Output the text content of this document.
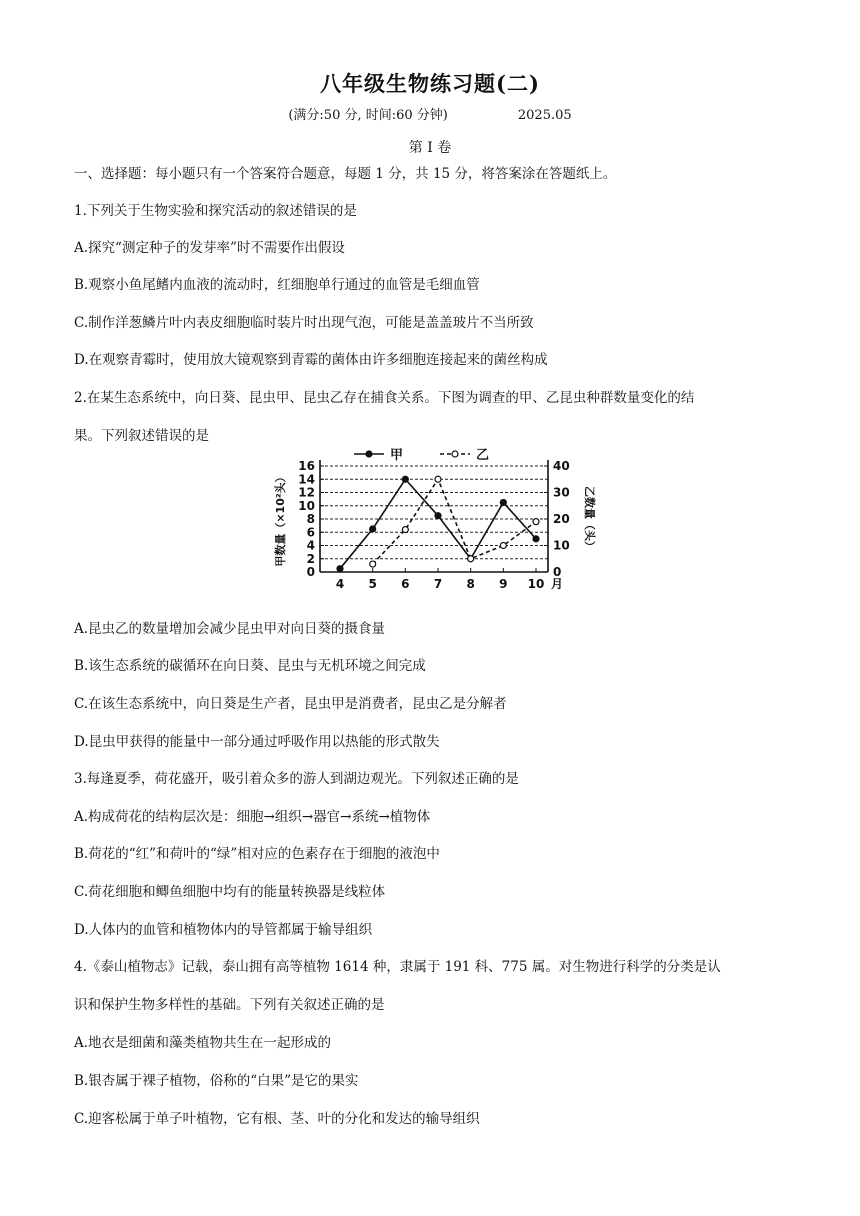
八年级生物练习题(二)
(满分:50 分, 时间:60 分钟)	2025.05
第 I 卷
一、选择题：每小题只有一个答案符合题意，每题 1 分，共 15 分，将答案涂在答题纸上。
1.下列关于生物实验和探究活动的叙述错误的是
A.探究“测定种子的发芽率”时不需要作出假设
B.观察小鱼尾鳍内血液的流动时，红细胞单行通过的血管是毛细血管
C.制作洋葱鳞片叶内表皮细胞临时装片时出现气泡，可能是盖盖玻片不当所致
D.在观察青霉时，使用放大镜观察到青霉的菌体由许多细胞连接起来的菌丝构成
2.在某生态系统中，向日葵、昆虫甲、昆虫乙存在捕食关系。下图为调查的甲、乙昆虫种群数量变化的结
果。下列叙述错误的是
0
2
4
6
8
10
12
14
16
0
10
20
30
40
4 5 6 7 8 9 10 月
甲	乙
甲数量（×10²头）	乙数量（头）
A.昆虫乙的数量增加会减少昆虫甲对向日葵的摄食量
B.该生态系统的碳循环在向日葵、昆虫与无机环境之间完成
C.在该生态系统中，向日葵是生产者，昆虫甲是消费者，昆虫乙是分解者
D.昆虫甲获得的能量中一部分通过呼吸作用以热能的形式散失
3.每逢夏季，荷花盛开，吸引着众多的游人到湖边观光。下列叙述正确的是
A.构成荷花的结构层次是：细胞→组织→器官→系统→植物体
B.荷花的“红”和荷叶的“绿”相对应的色素存在于细胞的液泡中
C.荷花细胞和鲫鱼细胞中均有的能量转换器是线粒体
D.人体内的血管和植物体内的导管都属于输导组织
4.《泰山植物志》记载，泰山拥有高等植物 1614 种，隶属于 191 科、775 属。对生物进行科学的分类是认
识和保护生物多样性的基础。下列有关叙述正确的是
A.地衣是细菌和藻类植物共生在一起形成的
B.银杏属于裸子植物，俗称的“白果”是它的果实
C.迎客松属于单子叶植物，它有根、茎、叶的分化和发达的输导组织
